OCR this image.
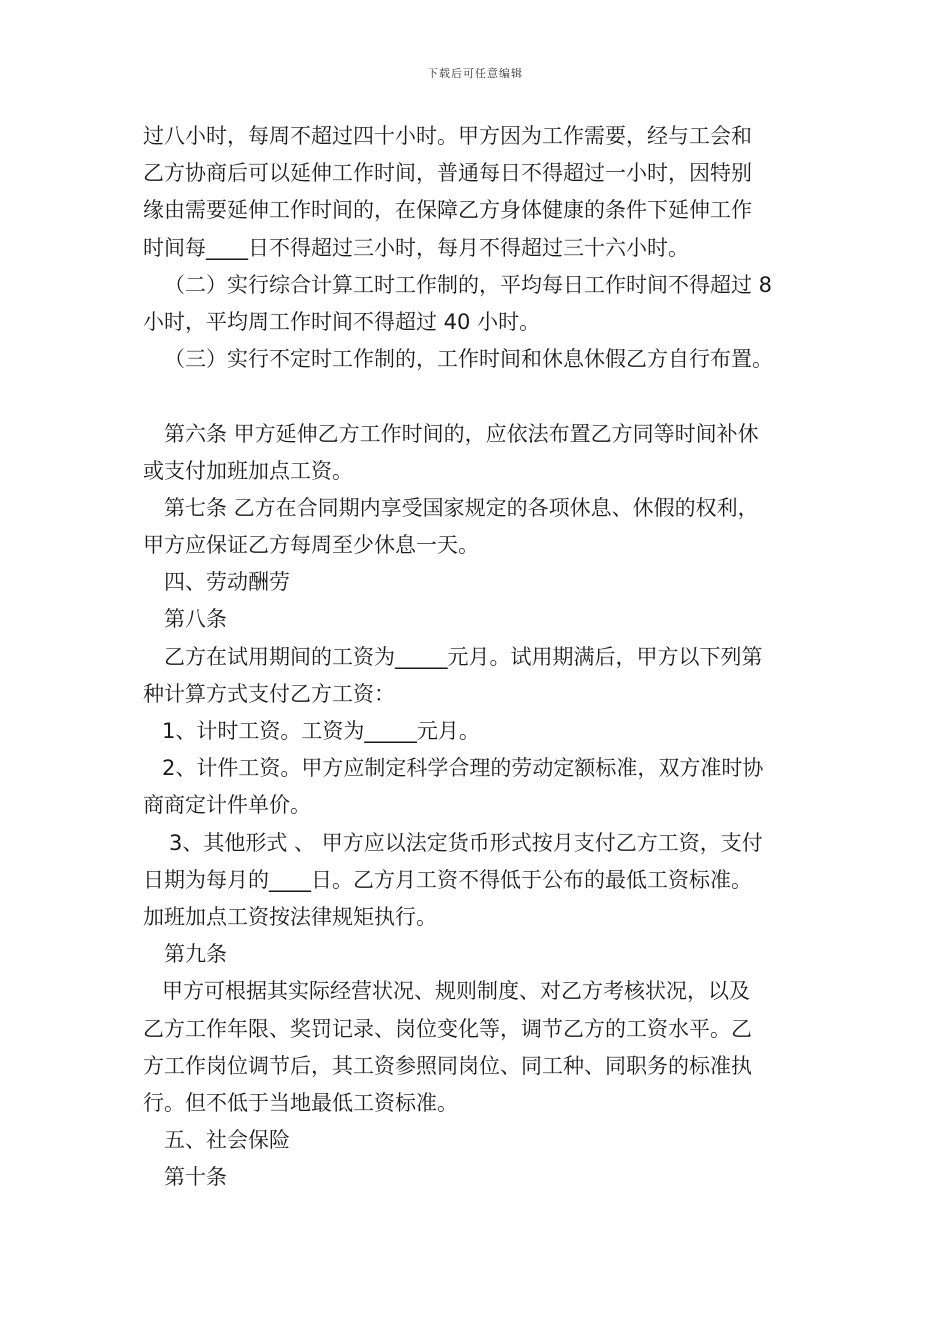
下载后可任意编辑
过八小时，每周不超过四十小时。甲方因为工作需要，经与工会和
乙方协商后可以延伸工作时间，普通每日不得超过一小时，因特别
缘由需要延伸工作时间的，在保障乙方身体健康的条件下延伸工作
时间每____日不得超过三小时，每月不得超过三十六小时。
（二）实行综合计算工时工作制的，平均每日工作时间不得超过 8
小时，平均周工作时间不得超过 40 小时。
（三）实行不定时工作制的，工作时间和休息休假乙方自行布置。
第六条 甲方延伸乙方工作时间的，应依法布置乙方同等时间补休
或支付加班加点工资。
第七条 乙方在合同期内享受国家规定的各项休息、休假的权利，
甲方应保证乙方每周至少休息一天。
四、劳动酬劳
第八条
乙方在试用期间的工资为_____元月。试用期满后，甲方以下列第
种计算方式支付乙方工资：
1、计时工资。工资为_____元月。
2、计件工资。甲方应制定科学合理的劳动定额标准，双方准时协
商商定计件单价。
3、其他形式 、 甲方应以法定货币形式按月支付乙方工资，支付
日期为每月的____日。乙方月工资不得低于公布的最低工资标准。
加班加点工资按法律规矩执行。
第九条
甲方可根据其实际经营状况、规则制度、对乙方考核状况，以及
乙方工作年限、奖罚记录、岗位变化等，调节乙方的工资水平。乙
方工作岗位调节后，其工资参照同岗位、同工种、同职务的标准执
行。但不低于当地最低工资标准。
五、社会保险
第十条
